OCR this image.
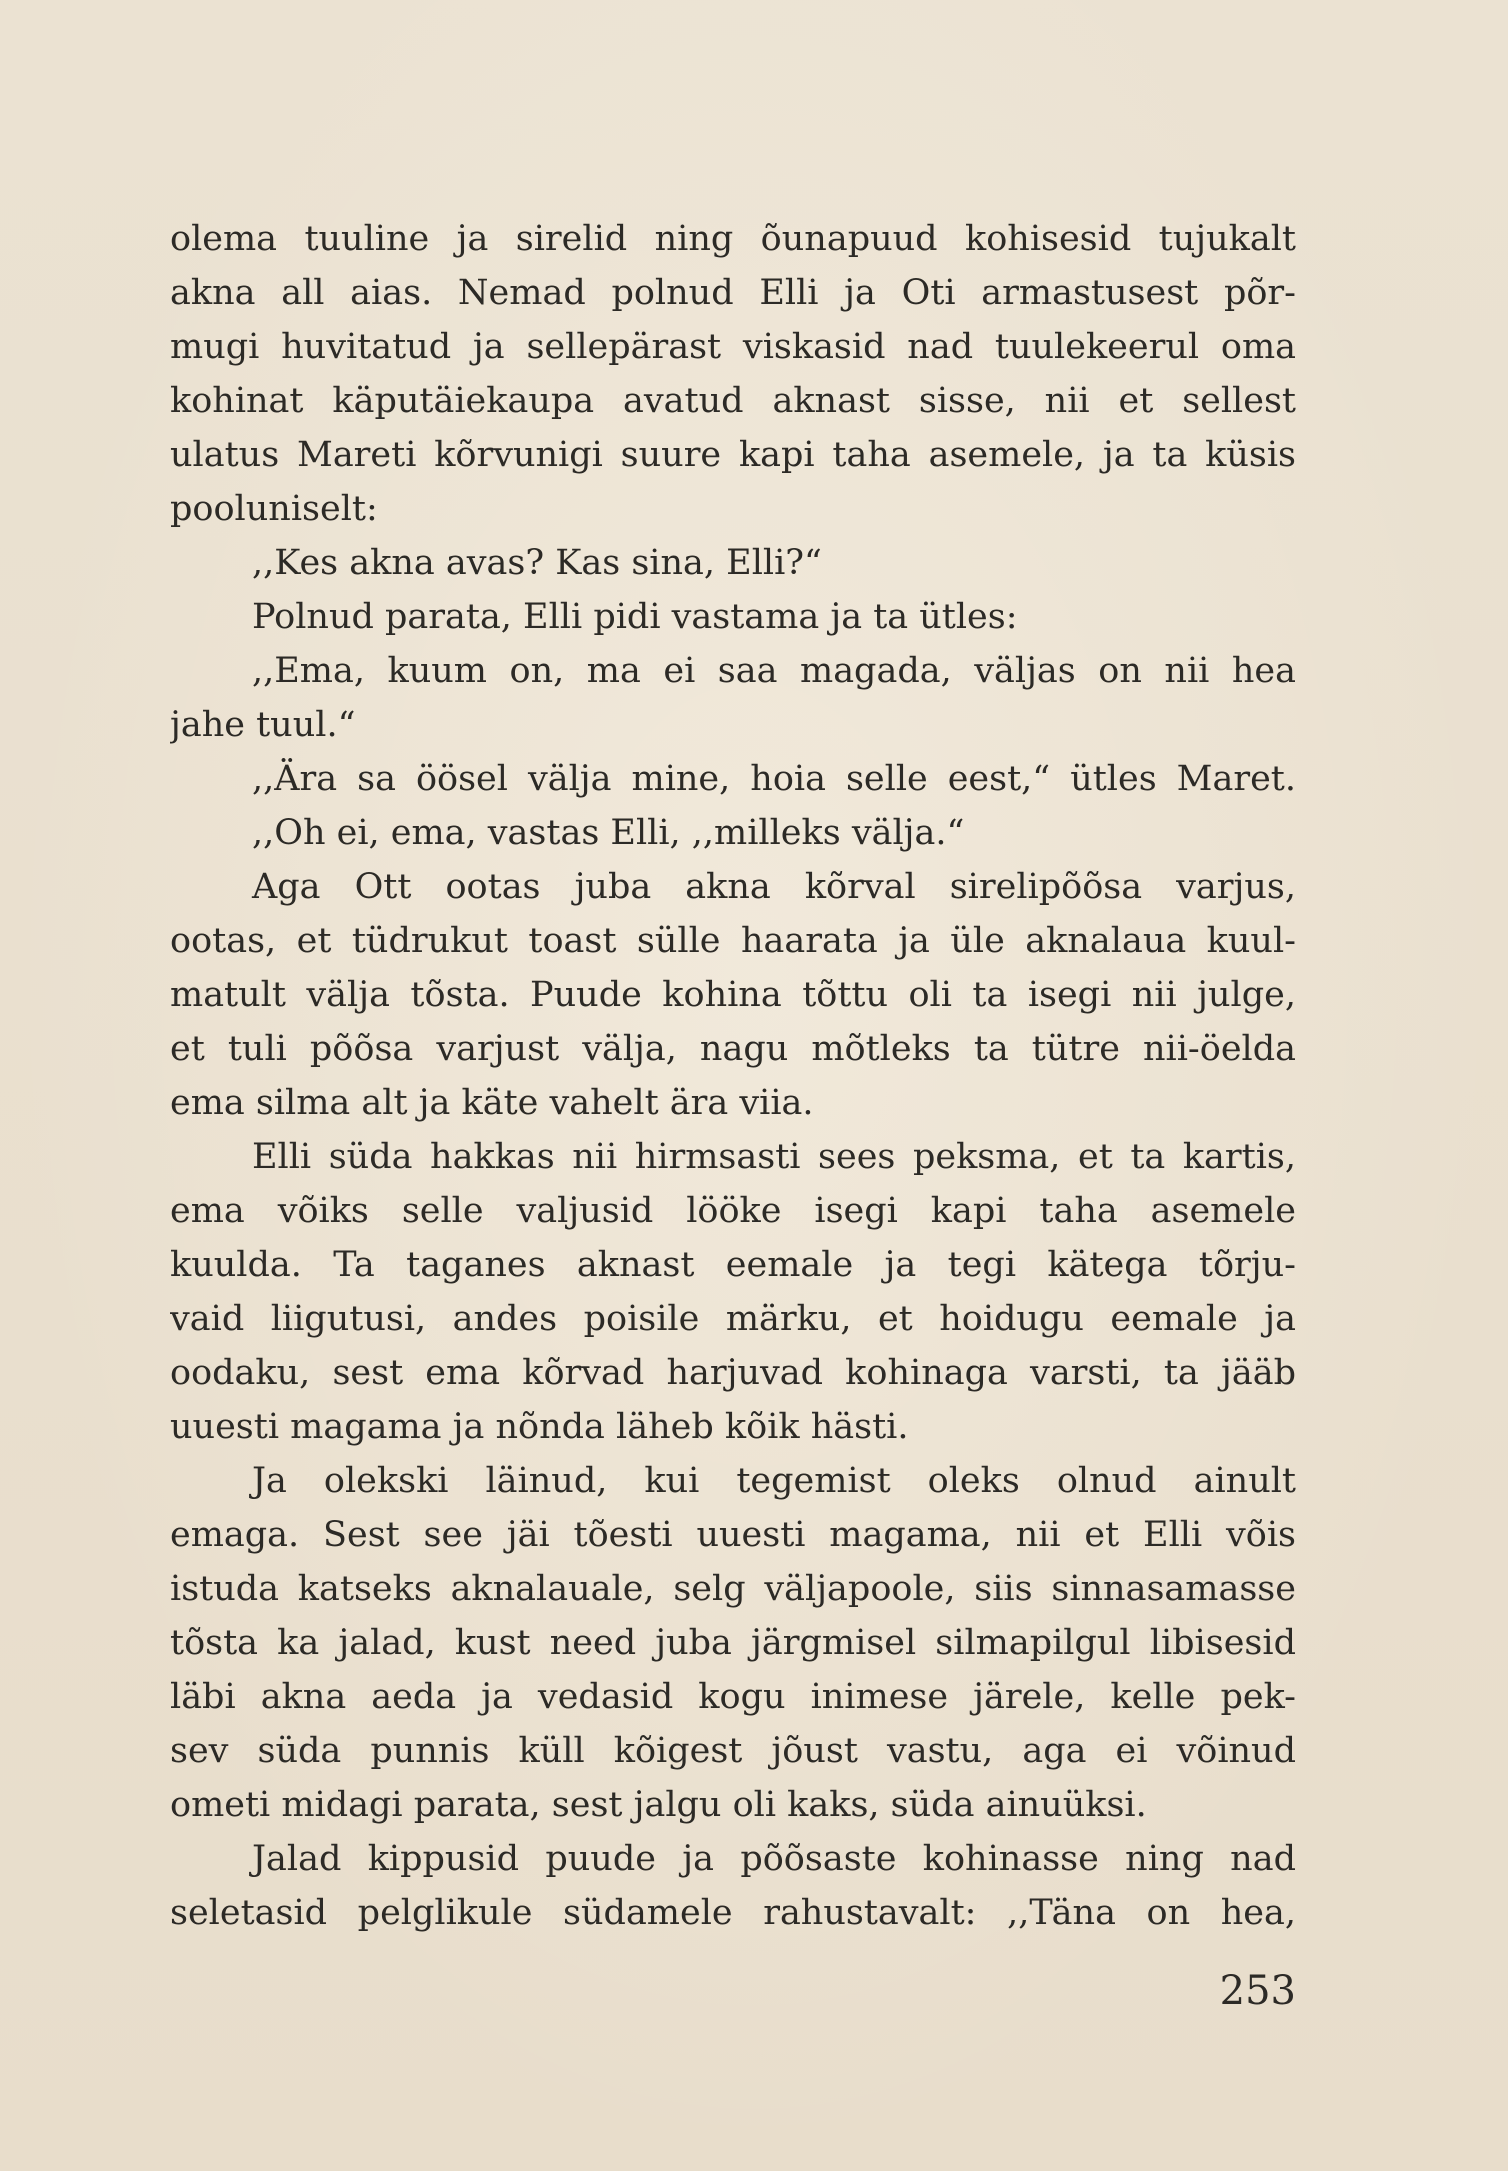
olema tuuline ja sirelid ning õunapuud kohisesid tujukalt
akna all aias. Nemad polnud Elli ja Oti armastusest põr-
mugi huvitatud ja sellepärast viskasid nad tuulekeerul oma
kohinat käputäiekaupa avatud aknast sisse, nii et sellest
ulatus Mareti kõrvunigi suure kapi taha asemele, ja ta küsis
pooluniselt:
,,Kes akna avas? Kas sina, Elli?“
Polnud parata, Elli pidi vastama ja ta ütles:
,,Ema, kuum on, ma ei saa magada, väljas on nii hea
jahe tuul.“
,,Ära sa öösel välja mine, hoia selle eest,“ ütles Maret.
,,Oh ei, ema, vastas Elli, ,,milleks välja.“
Aga Ott ootas juba akna kõrval sirelipõõsa varjus,
ootas, et tüdrukut toast sülle haarata ja üle aknalaua kuul-
matult välja tõsta. Puude kohina tõttu oli ta isegi nii julge,
et tuli põõsa varjust välja, nagu mõtleks ta tütre nii-öelda
ema silma alt ja käte vahelt ära viia.
Elli süda hakkas nii hirmsasti sees peksma, et ta kartis,
ema võiks selle valjusid lööke isegi kapi taha asemele
kuulda. Ta taganes aknast eemale ja tegi kätega tõrju-
vaid liigutusi, andes poisile märku, et hoidugu eemale ja
oodaku, sest ema kõrvad harjuvad kohinaga varsti, ta jääb
uuesti magama ja nõnda läheb kõik hästi.
Ja olekski läinud, kui tegemist oleks olnud ainult
emaga. Sest see jäi tõesti uuesti magama, nii et Elli võis
istuda katseks aknalauale, selg väljapoole, siis sinnasamasse
tõsta ka jalad, kust need juba järgmisel silmapilgul libisesid
läbi akna aeda ja vedasid kogu inimese järele, kelle pek-
sev süda punnis küll kõigest jõust vastu, aga ei võinud
ometi midagi parata, sest jalgu oli kaks, süda ainuüksi.
Jalad kippusid puude ja põõsaste kohinasse ning nad
seletasid pelglikule südamele rahustavalt: ,,Täna on hea,
253
